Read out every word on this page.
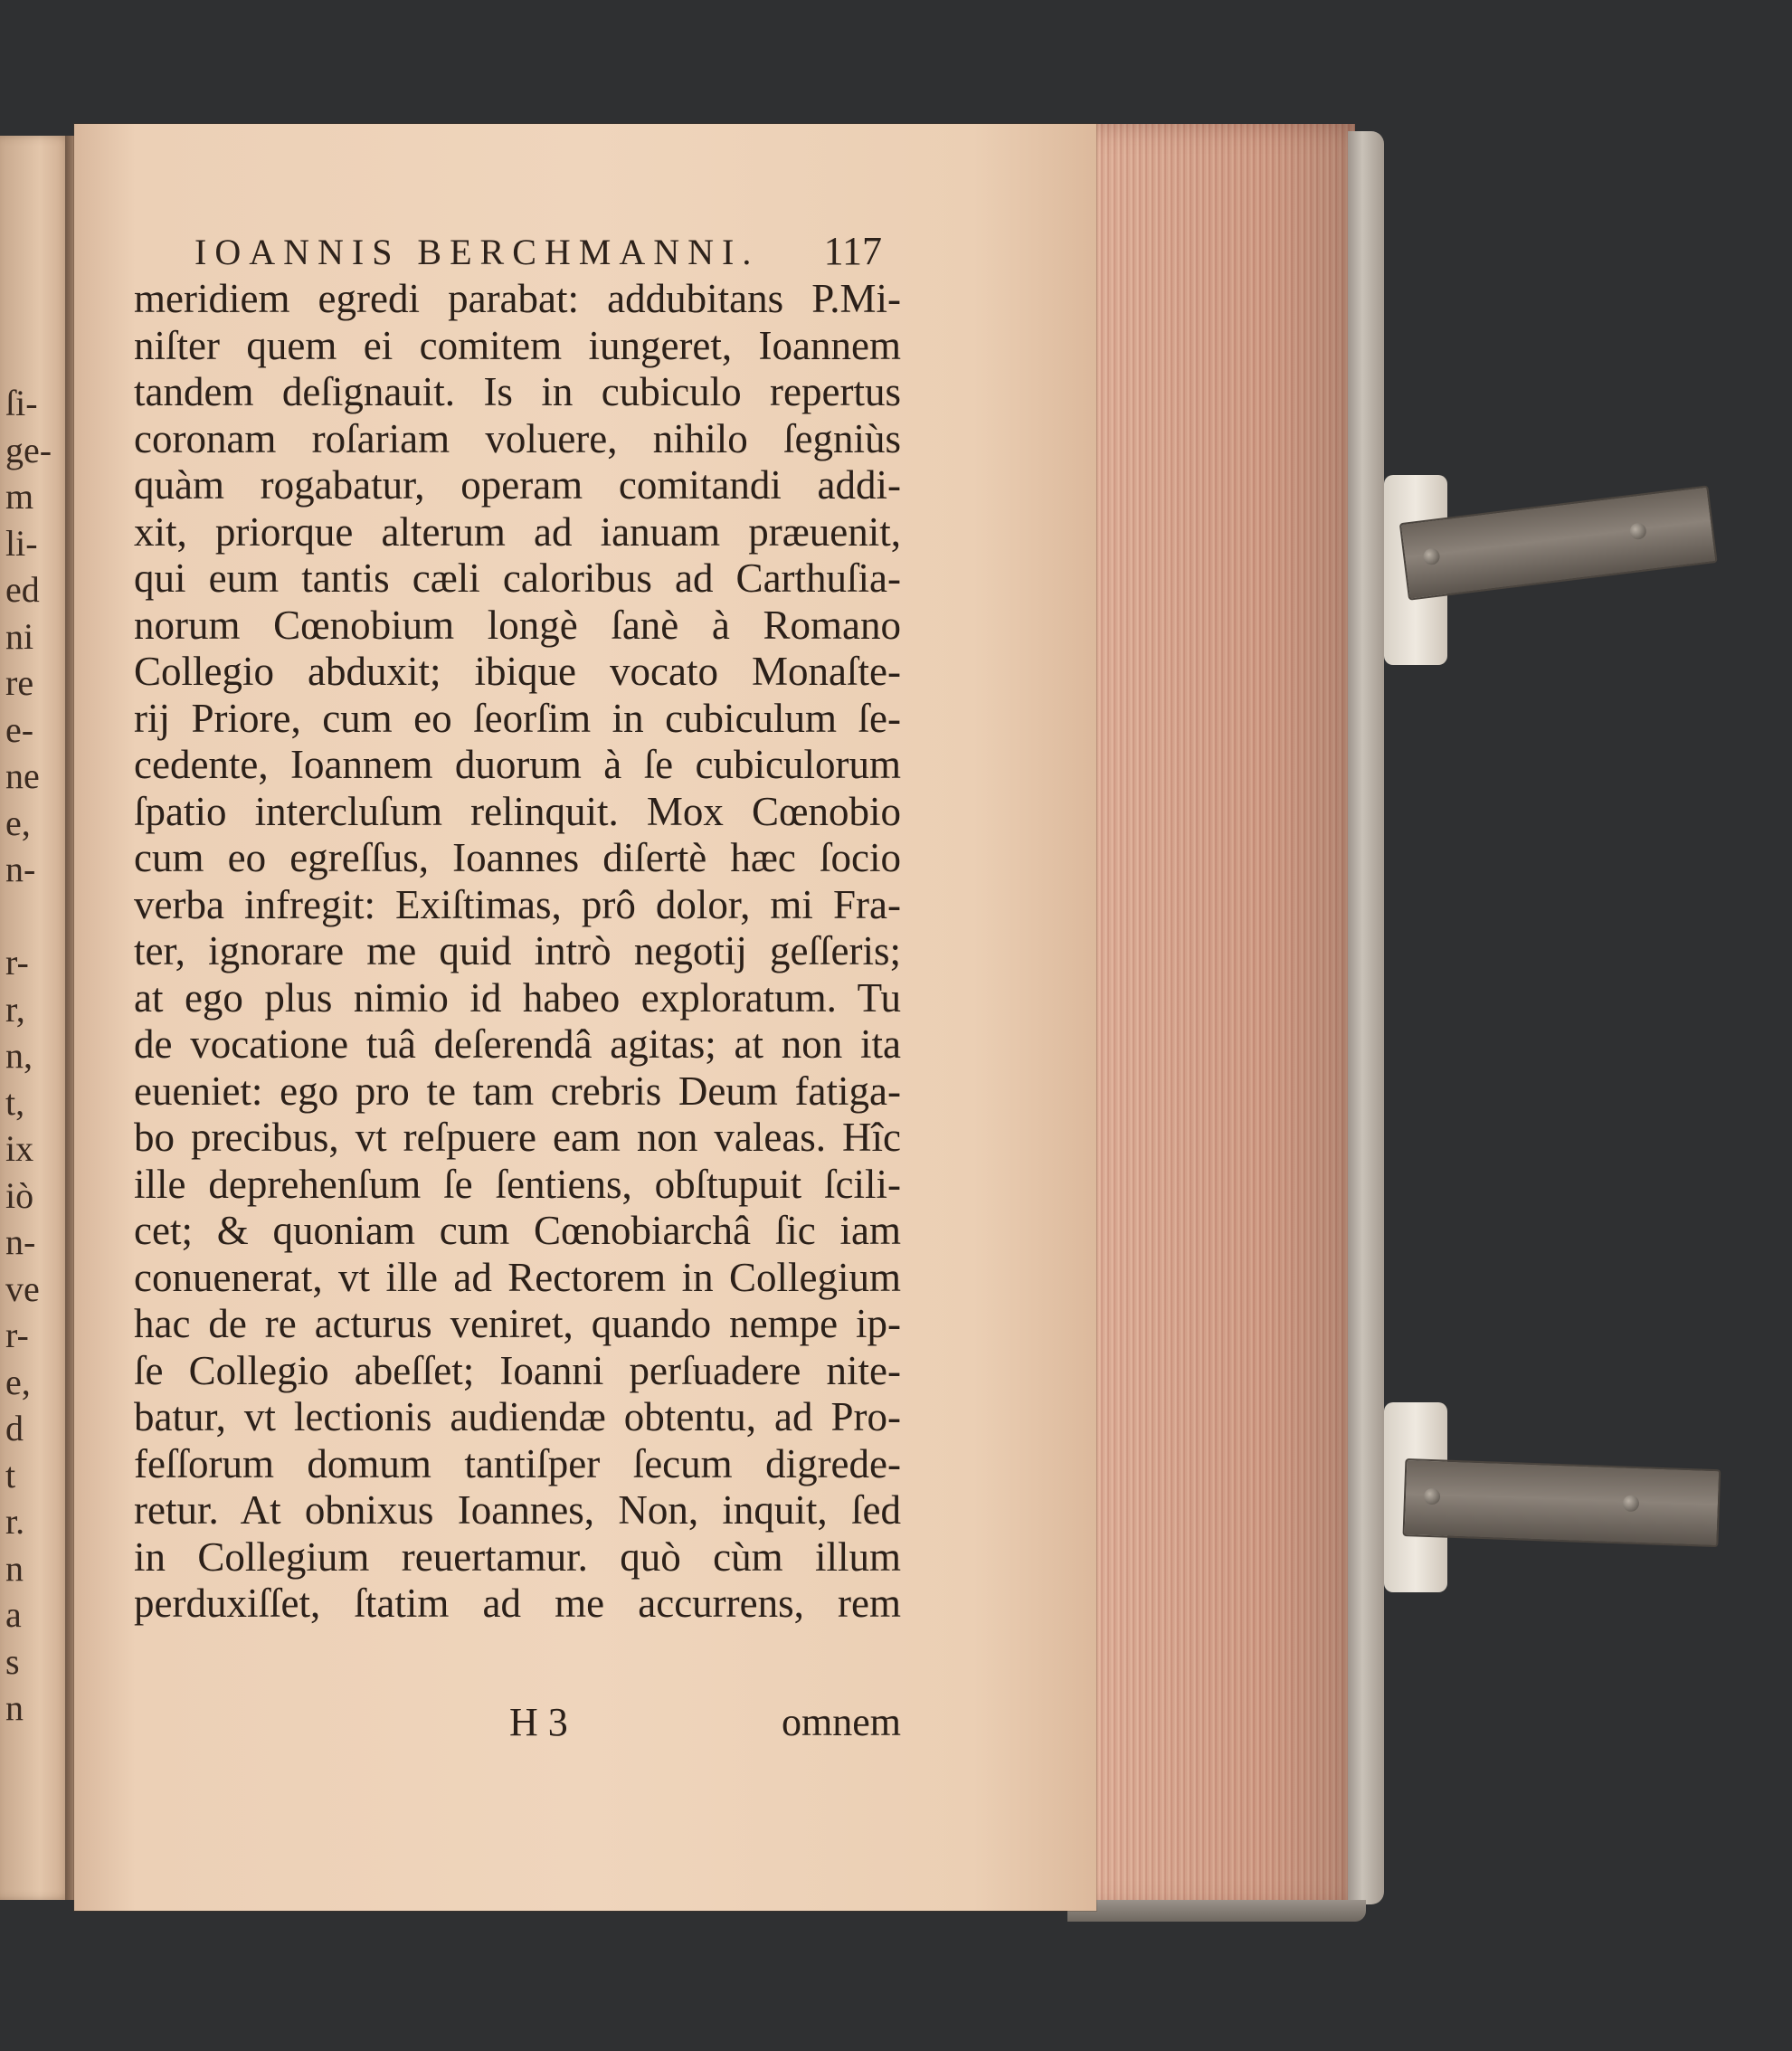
ſi-
ge-
m
li-
ed
ni
re
e-
ne
e,
n-
r-
r,
n,
t,
ix
iò
n-
ve
r-
e,
d
t
r.
n
a
s
n
IOANNIS BERCHMANNI. 117
meridiem egredi parabat: addubitans P.Mi-
niſter quem ei comitem iungeret, Ioannem
tandem deſignauit. Is in cubiculo repertus
coronam roſariam voluere, nihilo ſegniùs
quàm rogabatur, operam comitandi addi-
xit, priorque alterum ad ianuam præuenit,
qui eum tantis cæli caloribus ad Carthuſia-
norum Cœnobium longè ſanè à Romano
Collegio abduxit; ibique vocato Monaſte-
rij Priore, cum eo ſeorſim in cubiculum ſe-
cedente, Ioannem duorum à ſe cubiculorum
ſpatio intercluſum relinquit. Mox Cœnobio
cum eo egreſſus, Ioannes diſertè hæc ſocio
verba infregit: Exiſtimas, prô dolor, mi Fra-
ter, ignorare me quid intrò negotij geſſeris;
at ego plus nimio id habeo exploratum. Tu
de vocatione tuâ deſerendâ agitas; at non ita
eueniet: ego pro te tam crebris Deum fatiga-
bo precibus, vt reſpuere eam non valeas. Hîc
ille deprehenſum ſe ſentiens, obſtupuit ſcili-
cet; & quoniam cum Cœnobiarchâ ſic iam
conuenerat, vt ille ad Rectorem in Collegium
hac de re acturus veniret, quando nempe ip-
ſe Collegio abeſſet; Ioanni perſuadere nite-
batur, vt lectionis audiendæ obtentu, ad Pro-
feſſorum domum tantiſper ſecum digrede-
retur. At obnixus Ioannes, Non, inquit, ſed
in Collegium reuertamur. quò cùm illum
perduxiſſet, ſtatim ad me accurrens, rem
H 3	omnem
